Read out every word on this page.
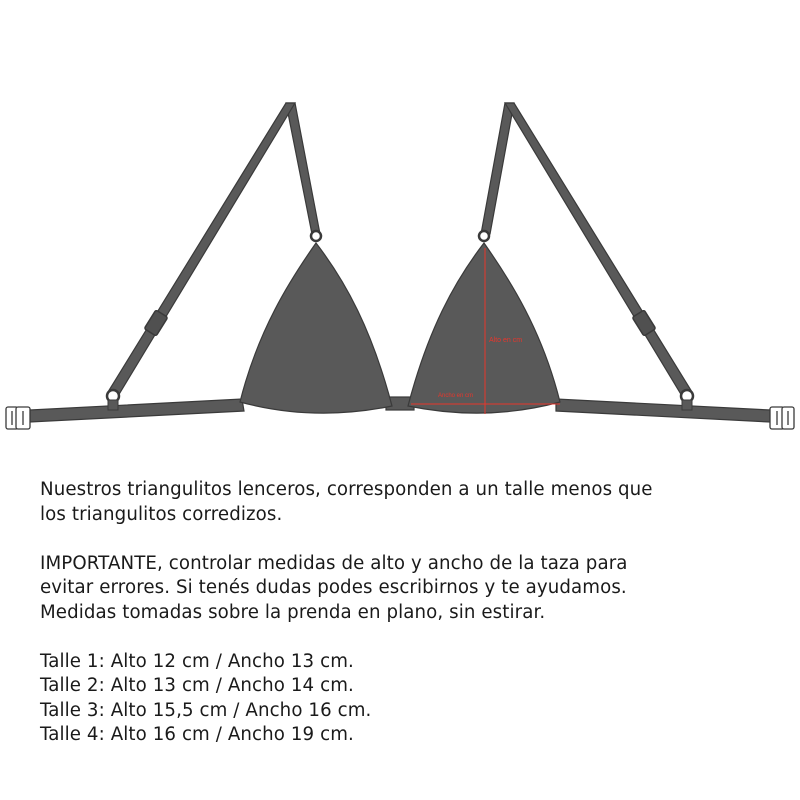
Alto en cm
Ancho en cm

Nuestros triangulitos lenceros, corresponden a un talle menos que

los triangulitos corredizos.

IMPORTANTE, controlar medidas de alto y ancho de la taza para

evitar errores. Si tenés dudas podes escribirnos y te ayudamos.

Medidas tomadas sobre la prenda en plano, sin estirar.

Talle 1: Alto 12 cm / Ancho 13 cm.

Talle 2: Alto 13 cm / Ancho 14 cm.

Talle 3: Alto 15,5 cm / Ancho 16 cm.

Talle 4: Alto 16 cm / Ancho 19 cm.
